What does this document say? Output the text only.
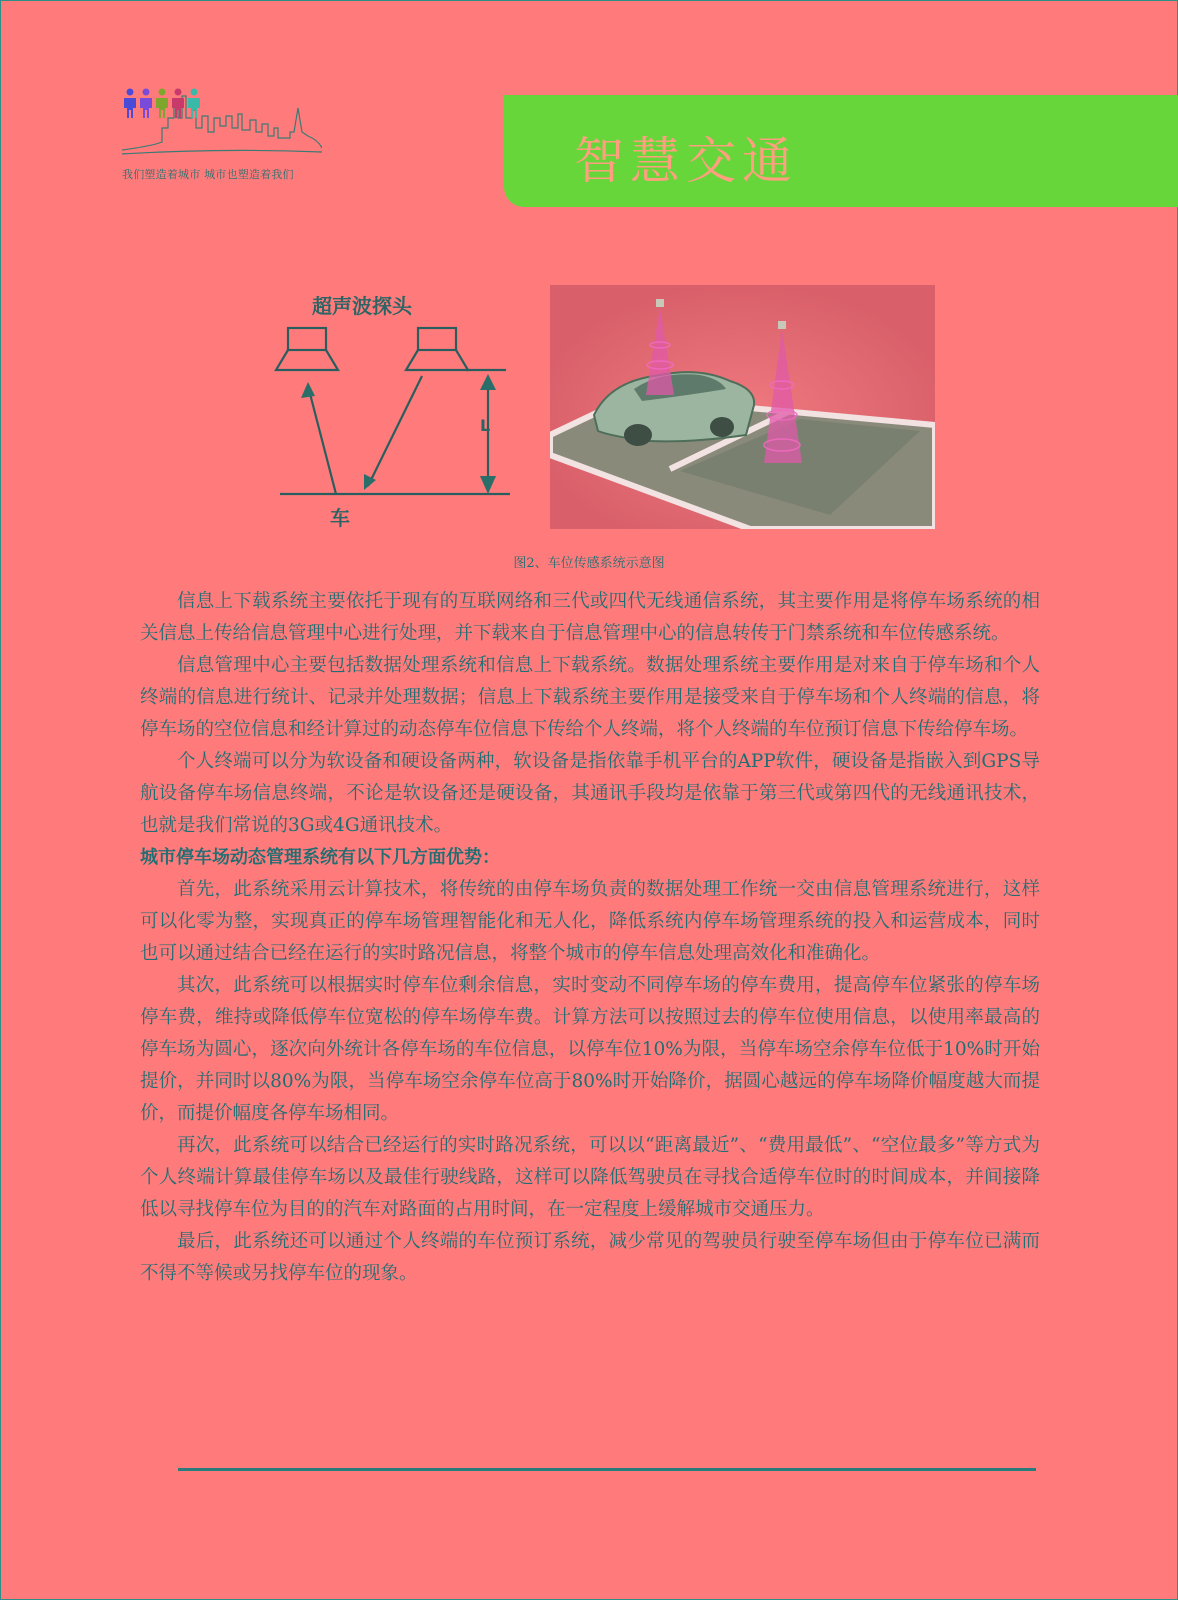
我们塑造着城市 城市也塑造着我们	智慧交通
超声波探头
L
车
图2、车位传感系统示意图

信息上下载系统主要依托于现有的互联网络和三代或四代无线通信系统，其主要作用是将停车场系统的相关信息上传给信息管理中心进行处理，并下载来自于信息管理中心的信息转传于门禁系统和车位传感系统。

信息管理中心主要包括数据处理系统和信息上下载系统。数据处理系统主要作用是对来自于停车场和个人终端的信息进行统计、记录并处理数据；信息上下载系统主要作用是接受来自于停车场和个人终端的信息，将停车场的空位信息和经计算过的动态停车位信息下传给个人终端，将个人终端的车位预订信息下传给停车场。

个人终端可以分为软设备和硬设备两种，软设备是指依靠手机平台的APP软件，硬设备是指嵌入到GPS导航设备停车场信息终端，不论是软设备还是硬设备，其通讯手段均是依靠于第三代或第四代的无线通讯技术，也就是我们常说的3G或4G通讯技术。

城市停车场动态管理系统有以下几方面优势：

首先，此系统采用云计算技术，将传统的由停车场负责的数据处理工作统一交由信息管理系统进行，这样可以化零为整，实现真正的停车场管理智能化和无人化，降低系统内停车场管理系统的投入和运营成本，同时也可以通过结合已经在运行的实时路况信息，将整个城市的停车信息处理高效化和准确化。

其次，此系统可以根据实时停车位剩余信息，实时变动不同停车场的停车费用，提高停车位紧张的停车场停车费，维持或降低停车位宽松的停车场停车费。计算方法可以按照过去的停车位使用信息，以使用率最高的停车场为圆心，逐次向外统计各停车场的车位信息，以停车位10%为限，当停车场空余停车位低于10%时开始提价，并同时以80%为限，当停车场空余停车位高于80%时开始降价，据圆心越远的停车场降价幅度越大而提价，而提价幅度各停车场相同。

再次，此系统可以结合已经运行的实时路况系统，可以以“距离最近”、“费用最低”、“空位最多”等方式为个人终端计算最佳停车场以及最佳行驶线路，这样可以降低驾驶员在寻找合适停车位时的时间成本，并间接降低以寻找停车位为目的的汽车对路面的占用时间，在一定程度上缓解城市交通压力。

最后，此系统还可以通过个人终端的车位预订系统，减少常见的驾驶员行驶至停车场但由于停车位已满而不得不等候或另找停车位的现象。
